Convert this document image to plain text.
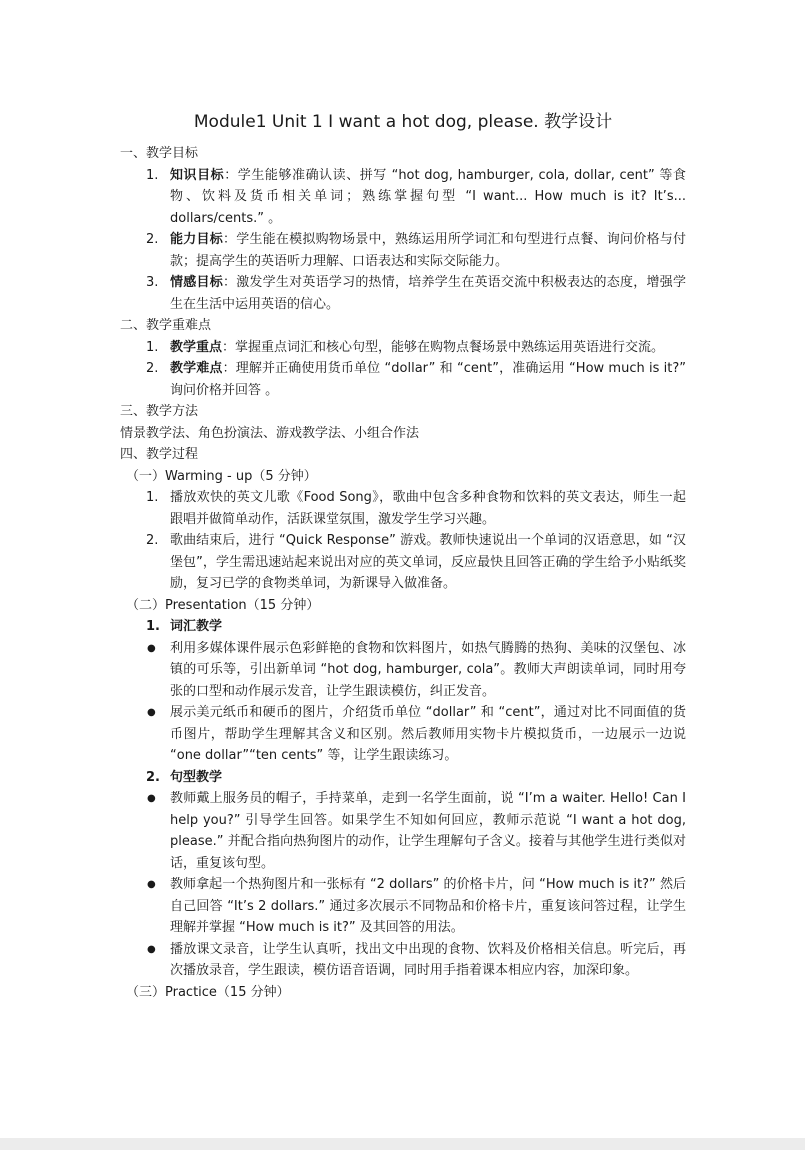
Module1 Unit 1 I want a hot dog, please. 教学设计
一、教学目标
1. 知识目标：学生能够准确认读、拼写 “hot dog, hamburger, cola, dollar, cent” 等食物、饮料及货币相关单词；熟练掌握句型 “I want... How much is it? It’s... dollars/cents.” 。
2. 能力目标：学生能在模拟购物场景中，熟练运用所学词汇和句型进行点餐、询问价格与付款；提高学生的英语听力理解、口语表达和实际交际能力。
3. 情感目标：激发学生对英语学习的热情，培养学生在英语交流中积极表达的态度，增强学生在生活中运用英语的信心。
二、教学重难点
1. 教学重点：掌握重点词汇和核心句型，能够在购物点餐场景中熟练运用英语进行交流。
2. 教学难点：理解并正确使用货币单位 “dollar” 和 “cent”，准确运用 “How much is it?” 询问价格并回答 。
三、教学方法
情景教学法、角色扮演法、游戏教学法、小组合作法
四、教学过程
（一）Warming - up（5 分钟）
1. 播放欢快的英文儿歌《Food Song》，歌曲中包含多种食物和饮料的英文表达，师生一起跟唱并做简单动作，活跃课堂氛围，激发学生学习兴趣。
2. 歌曲结束后，进行 “Quick Response” 游戏。教师快速说出一个单词的汉语意思，如 “汉堡包”，学生需迅速站起来说出对应的英文单词，反应最快且回答正确的学生给予小贴纸奖励，复习已学的食物类单词，为新课导入做准备。
（二）Presentation（15 分钟）
1. 词汇教学
● 利用多媒体课件展示色彩鲜艳的食物和饮料图片，如热气腾腾的热狗、美味的汉堡包、冰镇的可乐等，引出新单词 “hot dog, hamburger, cola”。教师大声朗读单词，同时用夸张的口型和动作展示发音，让学生跟读模仿，纠正发音。
● 展示美元纸币和硬币的图片，介绍货币单位 “dollar” 和 “cent”，通过对比不同面值的货币图片，帮助学生理解其含义和区别。然后教师用实物卡片模拟货币，一边展示一边说 “one dollar”“ten cents” 等，让学生跟读练习。
2. 句型教学
● 教师戴上服务员的帽子，手持菜单，走到一名学生面前，说 “I’m a waiter. Hello! Can I help you?” 引导学生回答。如果学生不知如何回应，教师示范说 “I want a hot dog, please.” 并配合指向热狗图片的动作，让学生理解句子含义。接着与其他学生进行类似对话，重复该句型。
● 教师拿起一个热狗图片和一张标有 “2 dollars” 的价格卡片，问 “How much is it?” 然后自己回答 “It’s 2 dollars.” 通过多次展示不同物品和价格卡片，重复该问答过程，让学生理解并掌握 “How much is it?” 及其回答的用法。
● 播放课文录音，让学生认真听，找出文中出现的食物、饮料及价格相关信息。听完后，再次播放录音，学生跟读，模仿语音语调，同时用手指着课本相应内容，加深印象。
（三）Practice（15 分钟）
